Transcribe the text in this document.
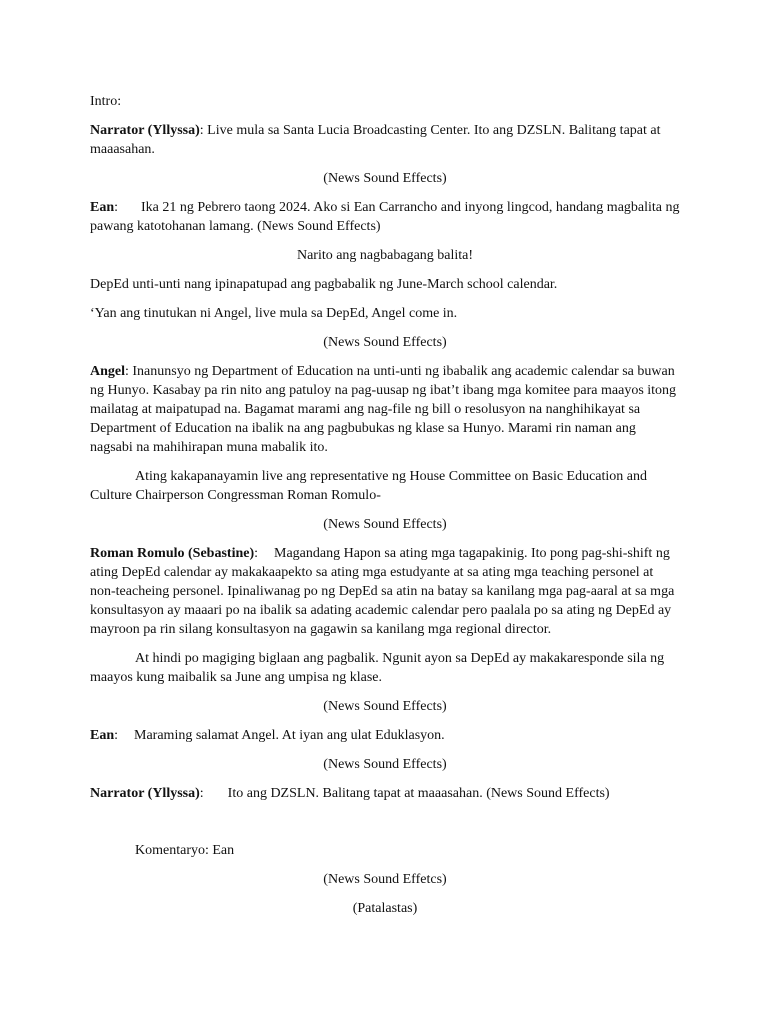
Intro:

Narrator (Yllyssa): Live mula sa Santa Lucia Broadcasting Center. Ito ang DZSLN. Balitang tapat at maaasahan.

(News Sound Effects)

Ean: Ika 21 ng Pebrero taong 2024. Ako si Ean Carrancho and inyong lingcod, handang magbalita ng pawang katotohanan lamang. (News Sound Effects)

Narito ang nagbabagang balita!

DepEd unti-unti nang ipinapatupad ang pagbabalik ng June-March school calendar.

‘Yan ang tinutukan ni Angel, live mula sa DepEd, Angel come in.

(News Sound Effects)

Angel: Inanunsyo ng Department of Education na unti-unti ng ibabalik ang academic calendar sa buwan ng Hunyo. Kasabay pa rin nito ang patuloy na pag-uusap ng ibat’t ibang mga komitee para maayos itong mailatag at maipatupad na. Bagamat marami ang nag-file ng bill o resolusyon na nanghihikayat sa Department of Education na ibalik na ang pagbubukas ng klase sa Hunyo. Marami rin naman ang nagsabi na mahihirapan muna mabalik ito.

Ating kakapanayamin live ang representative ng House Committee on Basic Education and Culture Chairperson Congressman Roman Romulo-

(News Sound Effects)

Roman Romulo (Sebastine): Magandang Hapon sa ating mga tagapakinig. Ito pong pag-shi-shift ng ating DepEd calendar ay makakaapekto sa ating mga estudyante at sa ating mga teaching personel at non-teacheing personel. Ipinaliwanag po ng DepEd sa atin na batay sa kanilang mga pag-aaral at sa mga konsultasyon ay maaari po na ibalik sa adating academic calendar pero paalala po sa ating ng DepEd ay mayroon pa rin silang konsultasyon na gagawin sa kanilang mga regional director.

At hindi po magiging biglaan ang pagbalik. Ngunit ayon sa DepEd ay makakaresponde sila ng maayos kung maibalik sa June ang umpisa ng klase.

(News Sound Effects)

Ean: Maraming salamat Angel. At iyan ang ulat Eduklasyon.

(News Sound Effects)

Narrator (Yllyssa): Ito ang DZSLN. Balitang tapat at maaasahan. (News Sound Effects)

Komentaryo: Ean

(News Sound Effetcs)

(Patalastas)
